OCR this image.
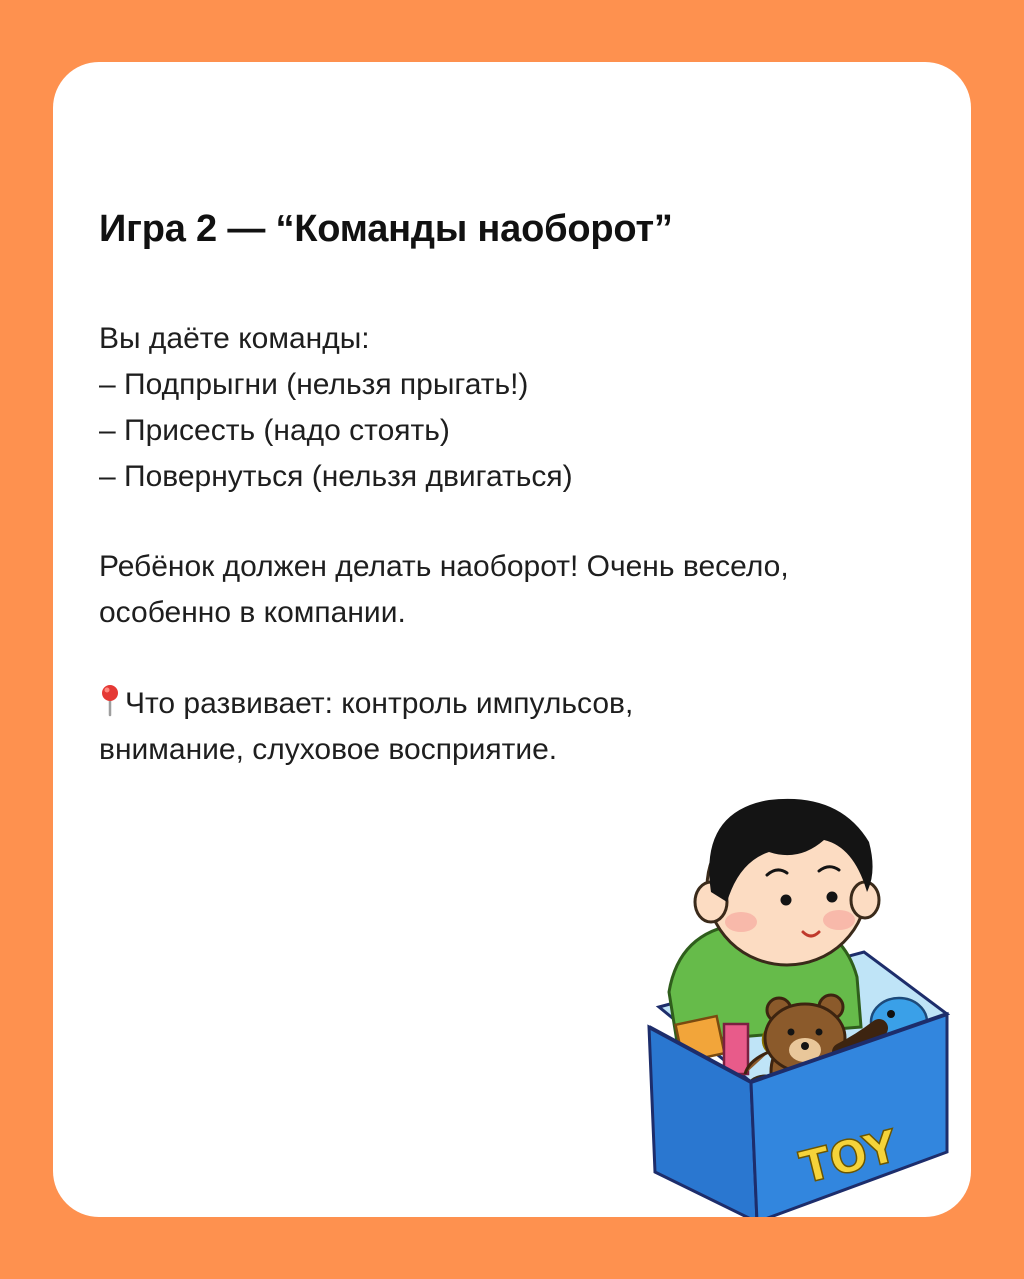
Игра 2 — “Команды наоборот”

Вы даёте команды:
– Подпрыгни (нельзя прыгать!)
– Присесть (надо стоять)
– Повернуться (нельзя двигаться)

Ребёнок должен делать наоборот! Очень весело,
особенно в компании.

Что развивает: контроль импульсов,
внимание, слуховое восприятие.

TOY
